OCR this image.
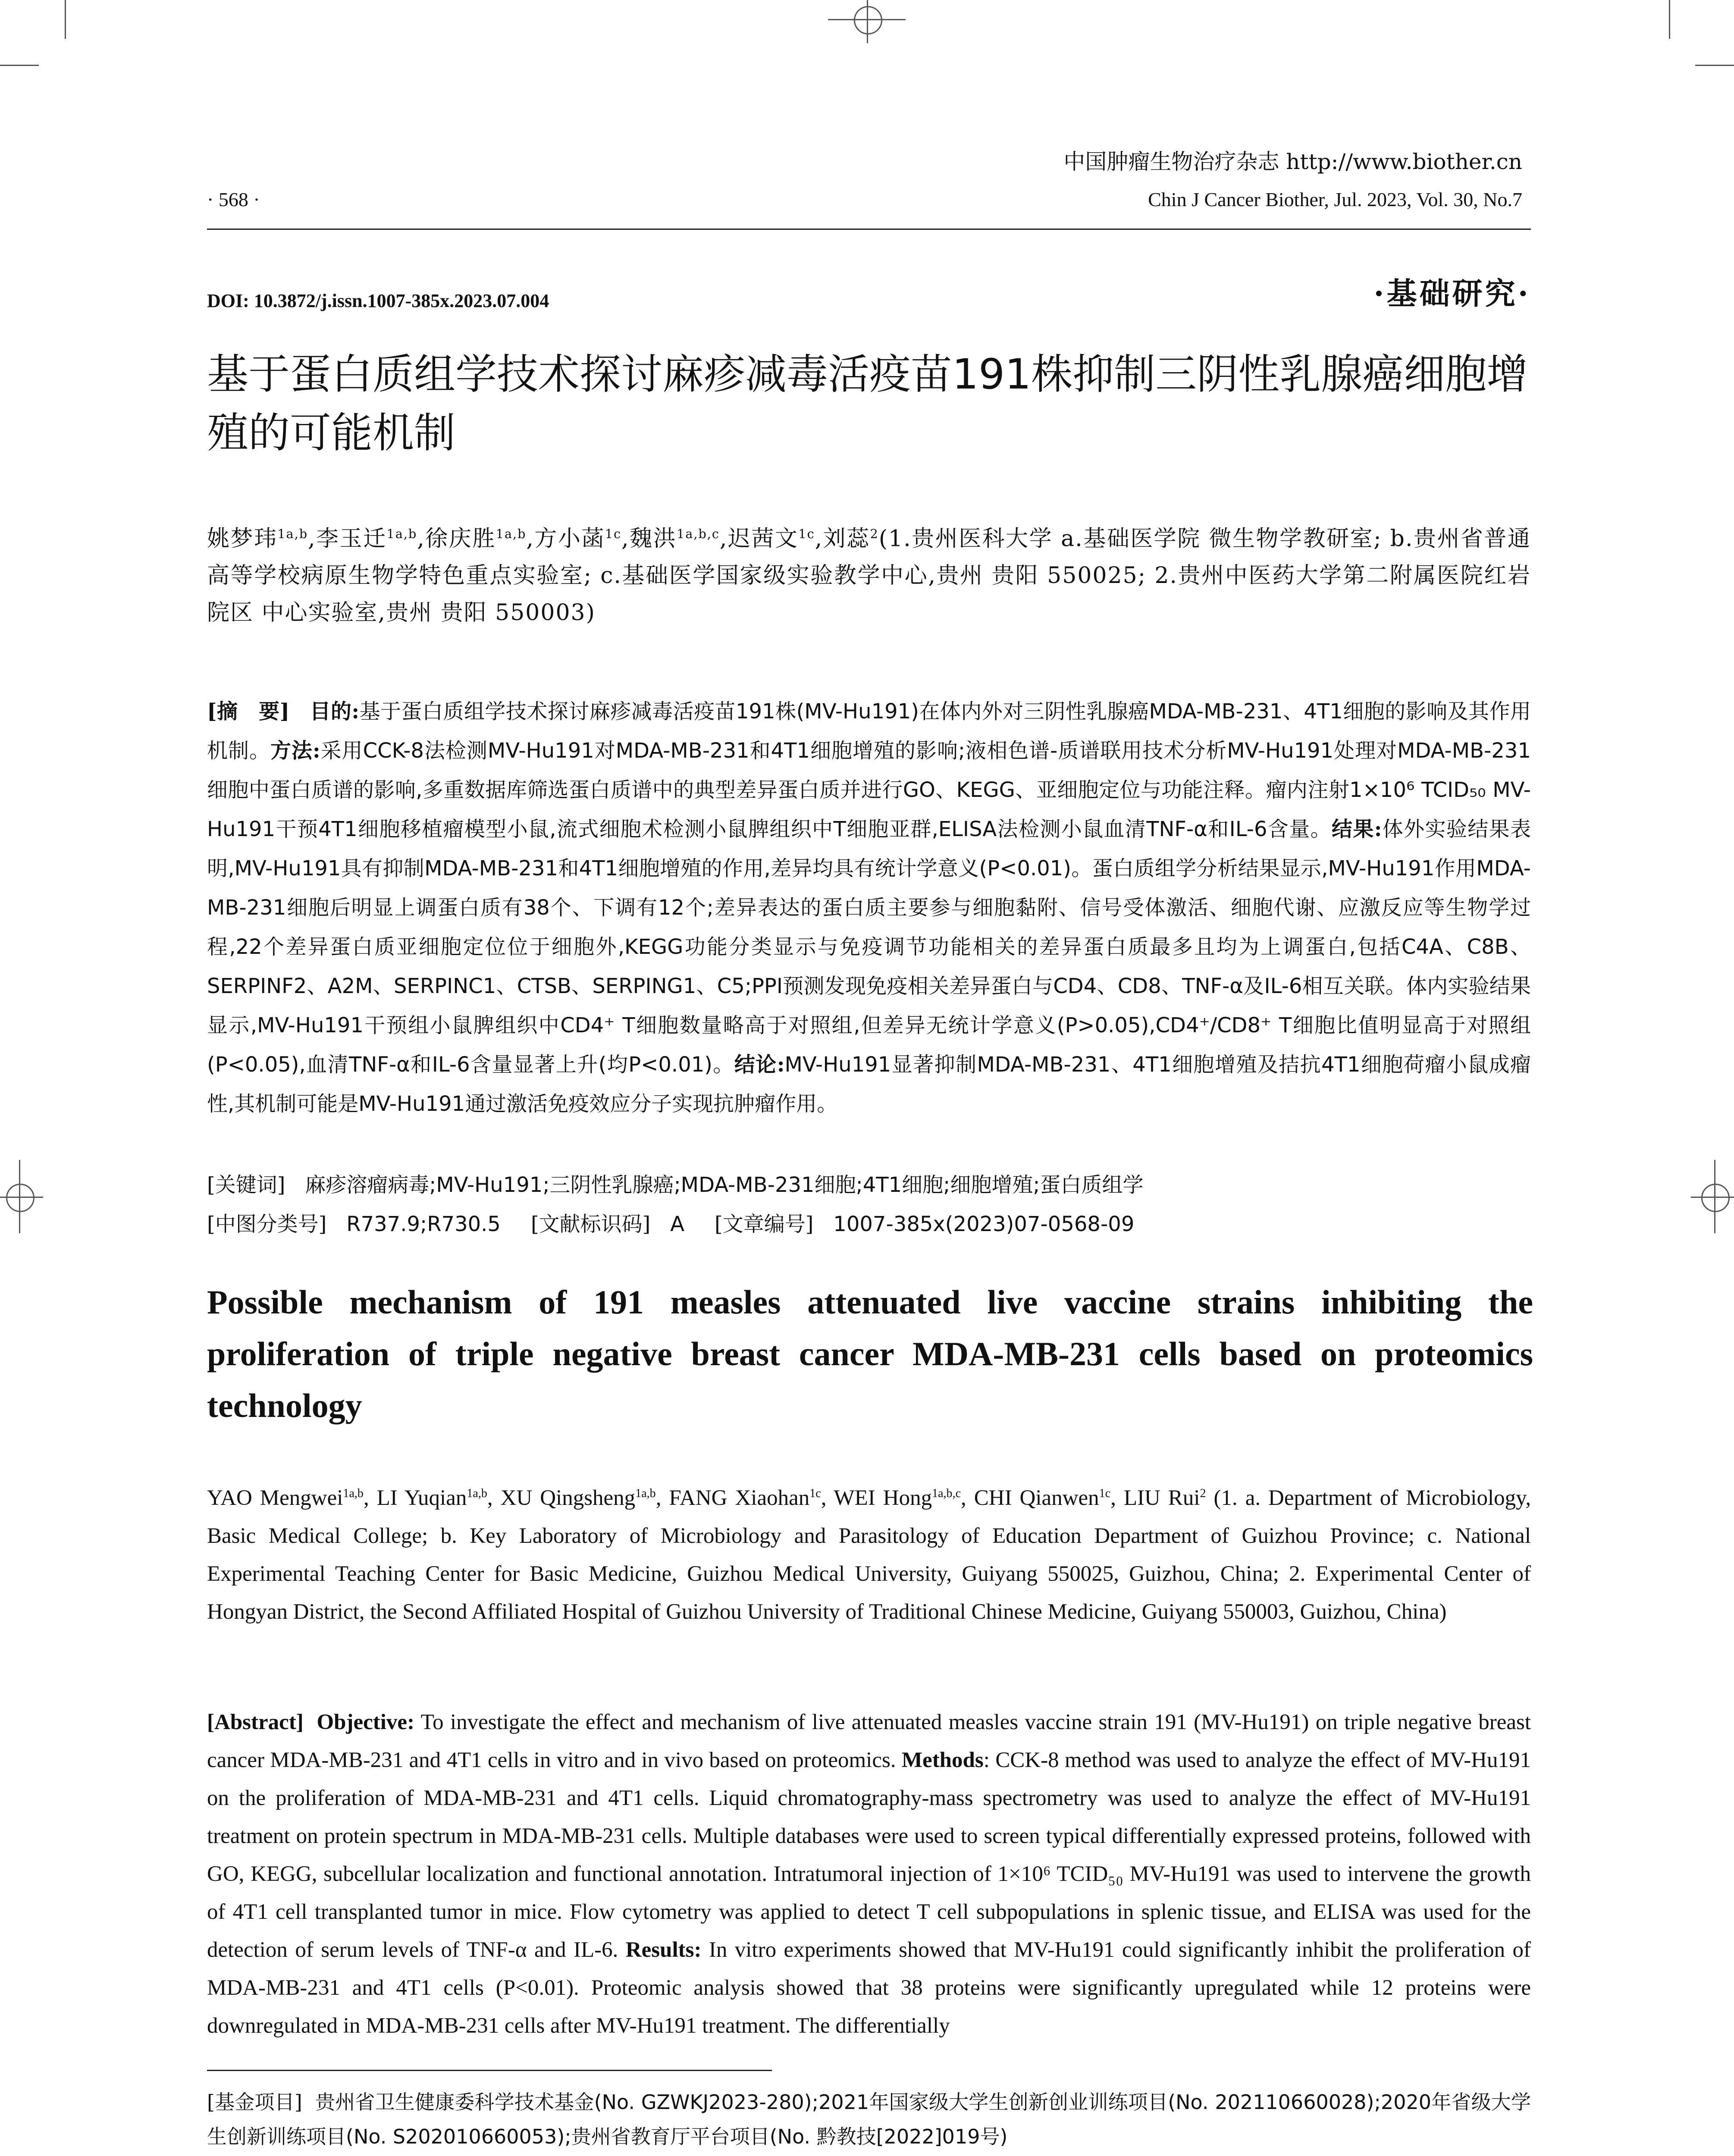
中国肿瘤生物治疗杂志 http://www.biother.cn
· 568 ·	Chin J Cancer Biother, Jul. 2023, Vol. 30, No.7
DOI: 10.3872/j.issn.1007-385x.2023.07.004	·基础研究·
基于蛋白质组学技术探讨麻疹减毒活疫苗191株抑制三阴性乳腺癌细胞增殖的可能机制
姚梦玮$^{1a,b}$,李玉迁$^{1a,b}$,徐庆胜$^{1a,b}$,方小菡$^{1c}$,魏洪$^{1a,b,c}$,迟茜文$^{1c}$,刘蕊$^2$(1.贵州医科大学 a.基础医学院 微生物学教研室; b.贵州省普通高等学校病原生物学特色重点实验室; c.基础医学国家级实验教学中心,贵州 贵阳 550025; 2.贵州中医药大学第二附属医院红岩院区 中心实验室,贵州 贵阳 550003)
[摘　要] 目的:基于蛋白质组学技术探讨麻疹减毒活疫苗191株(MV-Hu191)在体内外对三阴性乳腺癌MDA-MB-231、4T1细胞的影响及其作用机制。方法:采用CCK-8法检测MV-Hu191对MDA-MB-231和4T1细胞增殖的影响;液相色谱-质谱联用技术分析MV-Hu191处理对MDA-MB-231细胞中蛋白质谱的影响,多重数据库筛选蛋白质谱中的典型差异蛋白质并进行GO、KEGG、亚细胞定位与功能注释。瘤内注射1×10⁶ TCID₅₀ MV-Hu191干预4T1细胞移植瘤模型小鼠,流式细胞术检测小鼠脾组织中T细胞亚群,ELISA法检测小鼠血清TNF-α和IL-6含量。结果:体外实验结果表明,MV-Hu191具有抑制MDA-MB-231和4T1细胞增殖的作用,差异均具有统计学意义(P<0.01)。蛋白质组学分析结果显示,MV-Hu191作用MDA-MB-231细胞后明显上调蛋白质有38个、下调有12个;差异表达的蛋白质主要参与细胞黏附、信号受体激活、细胞代谢、应激反应等生物学过程,22个差异蛋白质亚细胞定位位于细胞外,KEGG功能分类显示与免疫调节功能相关的差异蛋白质最多且均为上调蛋白,包括C4A、C8B、SERPINF2、A2M、SERPINC1、CTSB、SERPING1、C5;PPI预测发现免疫相关差异蛋白与CD4、CD8、TNF-α及IL-6相互关联。体内实验结果显示,MV-Hu191干预组小鼠脾组织中CD4⁺ T细胞数量略高于对照组,但差异无统计学意义(P>0.05),CD4⁺/CD8⁺ T细胞比值明显高于对照组(P<0.05),血清TNF-α和IL-6含量显著上升(均P<0.01)。结论:MV-Hu191显著抑制MDA-MB-231、4T1细胞增殖及拮抗4T1细胞荷瘤小鼠成瘤性,其机制可能是MV-Hu191通过激活免疫效应分子实现抗肿瘤作用。
[关键词] 麻疹溶瘤病毒;MV-Hu191;三阴性乳腺癌;MDA-MB-231细胞;4T1细胞;细胞增殖;蛋白质组学
[中图分类号] R737.9;R730.5 [文献标识码] A [文章编号] 1007-385x(2023)07-0568-09
Possible mechanism of 191 measles attenuated live vaccine strains inhibiting the proliferation of triple negative breast cancer MDA-MB-231 cells based on proteomics technology
YAO Mengwei$^{1a,b}$, LI Yuqian$^{1a,b}$, XU Qingsheng$^{1a,b}$, FANG Xiaohan$^{1c}$, WEI Hong$^{1a,b,c}$, CHI Qianwen$^{1c}$, LIU Rui$^2$ (1. a. Department of Microbiology, Basic Medical College; b. Key Laboratory of Microbiology and Parasitology of Education Department of Guizhou Province; c. National Experimental Teaching Center for Basic Medicine, Guizhou Medical University, Guiyang 550025, Guizhou, China; 2. Experimental Center of Hongyan District, the Second Affiliated Hospital of Guizhou University of Traditional Chinese Medicine, Guiyang 550003, Guizhou, China)
[Abstract] Objective: To investigate the effect and mechanism of live attenuated measles vaccine strain 191 (MV-Hu191) on triple negative breast cancer MDA-MB-231 and 4T1 cells in vitro and in vivo based on proteomics. Methods: CCK-8 method was used to analyze the effect of MV-Hu191 on the proliferation of MDA-MB-231 and 4T1 cells. Liquid chromatography-mass spectrometry was used to analyze the effect of MV-Hu191 treatment on protein spectrum in MDA-MB-231 cells. Multiple databases were used to screen typical differentially expressed proteins, followed with GO, KEGG, subcellular localization and functional annotation. Intratumoral injection of 1×10⁶ TCID₅₀ MV-Hu191 was used to intervene the growth of 4T1 cell transplanted tumor in mice. Flow cytometry was applied to detect T cell subpopulations in splenic tissue, and ELISA was used for the detection of serum levels of TNF-α and IL-6. Results: In vitro experiments showed that MV-Hu191 could significantly inhibit the proliferation of MDA-MB-231 and 4T1 cells (P<0.01). Proteomic analysis showed that 38 proteins were significantly upregulated while 12 proteins were downregulated in MDA-MB-231 cells after MV-Hu191 treatment. The differentially
[基金项目] 贵州省卫生健康委科学技术基金(No. GZWKJ2023-280);2021年国家级大学生创新创业训练项目(No. 202110660028);2020年省级大学生创新训练项目(No. S202010660053);贵州省教育厅平台项目(No. 黔教技[2022]019号)
